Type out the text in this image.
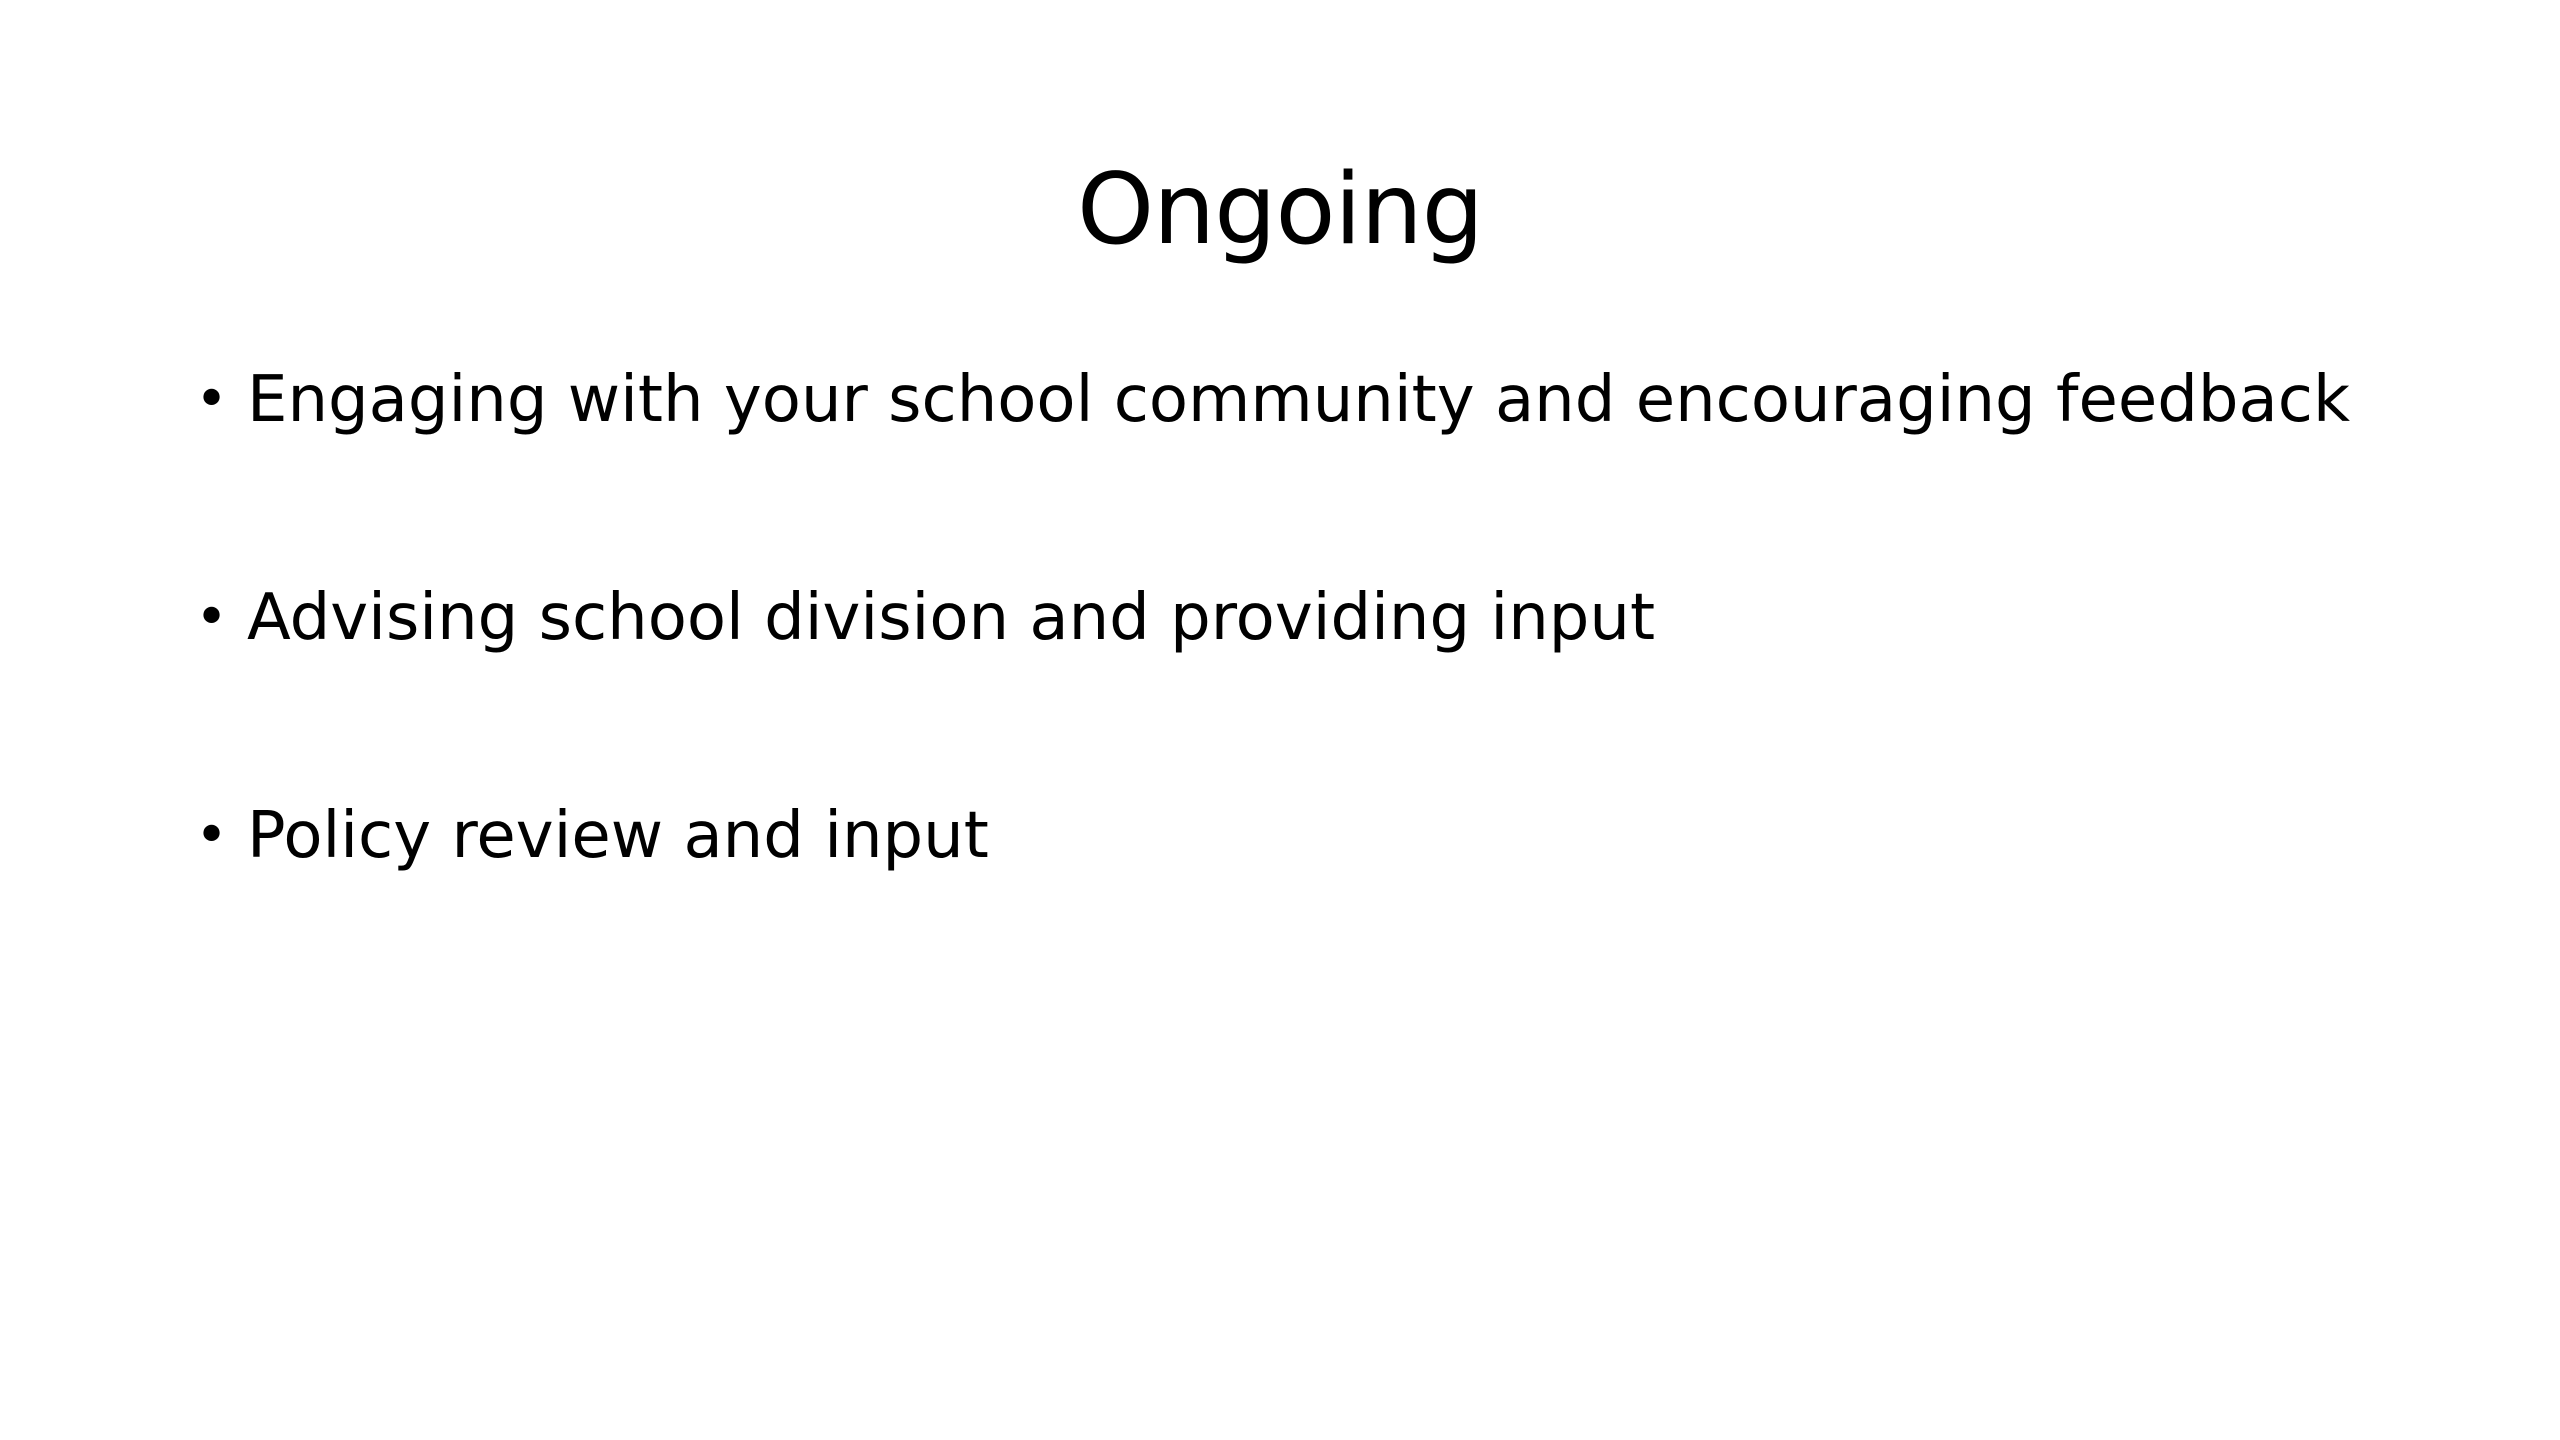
Ongoing
• Engaging with your school community and encouraging feedback
• Advising school division and providing input
• Policy review and input
